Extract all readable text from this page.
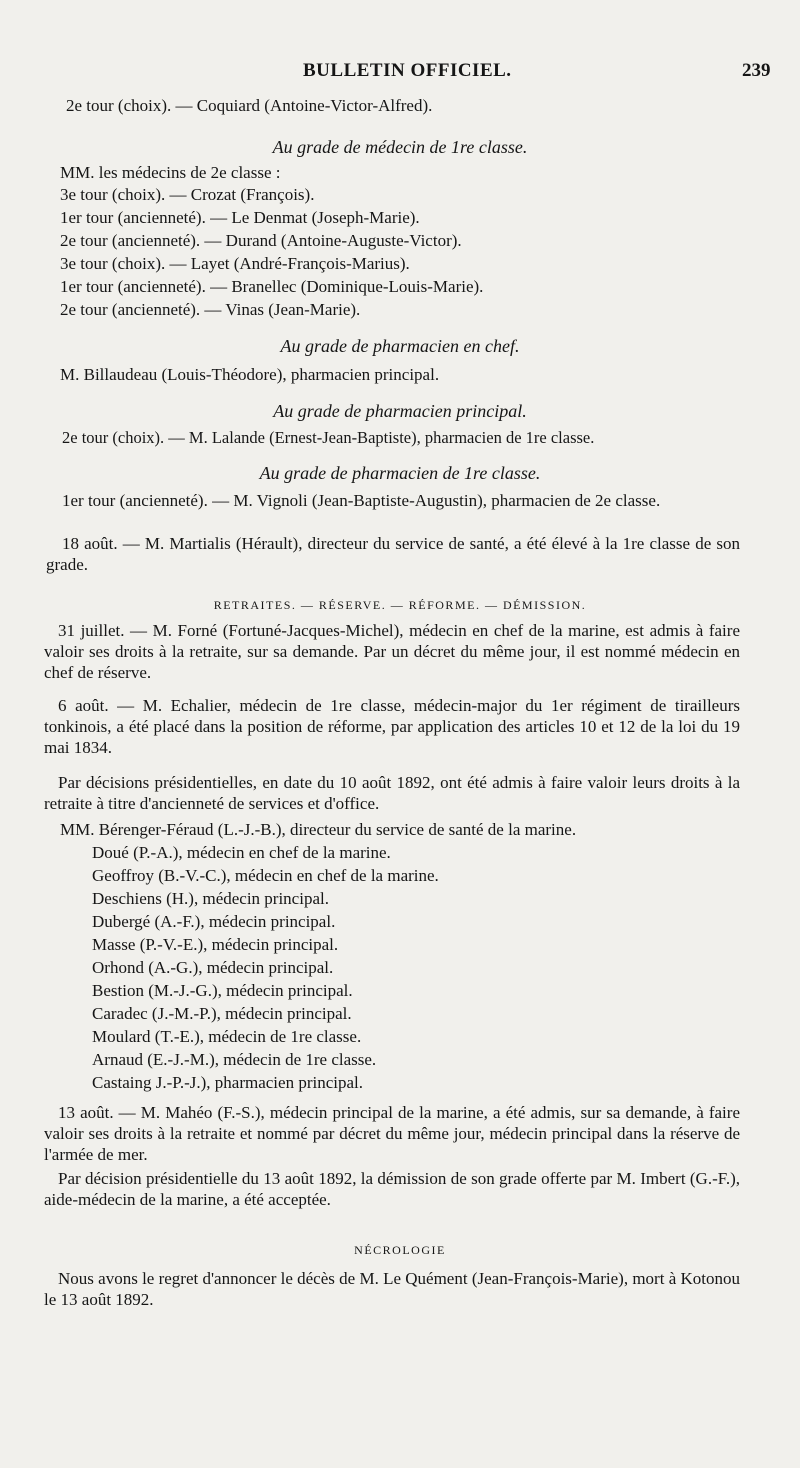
BULLETIN OFFICIEL.	239
2e tour (choix). — Coquiard (Antoine-Victor-Alfred).
Au grade de médecin de 1re classe.
MM. les médecins de 2e classe :
3e tour (choix). — Crozat (François).
1er tour (ancienneté). — Le Denmat (Joseph-Marie).
2e tour (ancienneté). — Durand (Antoine-Auguste-Victor).
3e tour (choix). — Layet (André-François-Marius).
1er tour (ancienneté). — Branellec (Dominique-Louis-Marie).
2e tour (ancienneté). — Vinas (Jean-Marie).
Au grade de pharmacien en chef.
M. Billaudeau (Louis-Théodore), pharmacien principal.
Au grade de pharmacien principal.
2e tour (choix). — M. Lalande (Ernest-Jean-Baptiste), pharmacien de 1re classe.
Au grade de pharmacien de 1re classe.
1er tour (ancienneté). — M. Vignoli (Jean-Baptiste-Augustin), pharmacien de 2e classe.
18 août. — M. Martialis (Hérault), directeur du service de santé, a été élevé à la 1re classe de son grade.
RETRAITES. — RÉSERVE. — RÉFORME. — DÉMISSION.
31 juillet. — M. Forné (Fortuné-Jacques-Michel), médecin en chef de la marine, est admis à faire valoir ses droits à la retraite, sur sa demande. Par un décret du même jour, il est nommé médecin en chef de réserve.
6 août. — M. Echalier, médecin de 1re classe, médecin-major du 1er régiment de tirailleurs tonkinois, a été placé dans la position de réforme, par application des articles 10 et 12 de la loi du 19 mai 1834.
Par décisions présidentielles, en date du 10 août 1892, ont été admis à faire valoir leurs droits à la retraite à titre d'ancienneté de services et d'office.
MM. Bérenger-Féraud (L.-J.-B.), directeur du service de santé de la marine.
Doué (P.-A.), médecin en chef de la marine.
Geoffroy (B.-V.-C.), médecin en chef de la marine.
Deschiens (H.), médecin principal.
Dubergé (A.-F.), médecin principal.
Masse (P.-V.-E.), médecin principal.
Orhond (A.-G.), médecin principal.
Bestion (M.-J.-G.), médecin principal.
Caradec (J.-M.-P.), médecin principal.
Moulard (T.-E.), médecin de 1re classe.
Arnaud (E.-J.-M.), médecin de 1re classe.
Castaing J.-P.-J.), pharmacien principal.
13 août. — M. Mahéo (F.-S.), médecin principal de la marine, a été admis, sur sa demande, à faire valoir ses droits à la retraite et nommé par décret du même jour, médecin principal dans la réserve de l'armée de mer.
Par décision présidentielle du 13 août 1892, la démission de son grade offerte par M. Imbert (G.-F.), aide-médecin de la marine, a été acceptée.
NÉCROLOGIE
Nous avons le regret d'annoncer le décès de M. Le Quément (Jean-François-Marie), mort à Kotonou le 13 août 1892.
